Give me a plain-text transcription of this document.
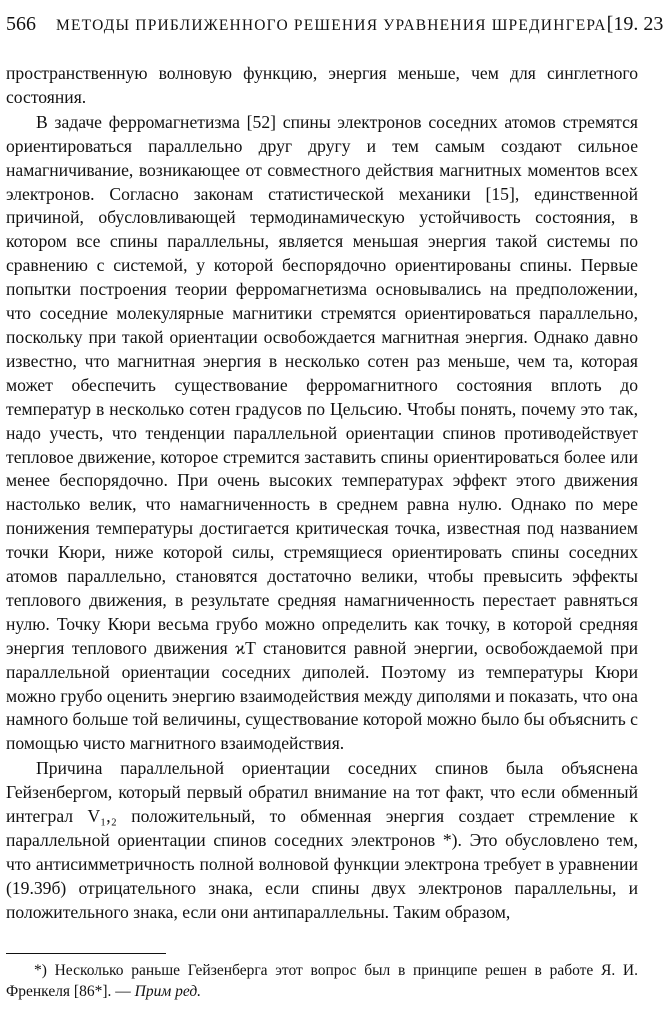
566 МЕТОДЫ ПРИБЛИЖЕННОГО РЕШЕНИЯ УРАВНЕНИЯ ШРЕДИНГЕРА [19. 23

пространственную волновую функцию, энергия меньше, чем для синглетного состояния.

В задаче ферромагнетизма [52] спины электронов соседних атомов стремятся ориентироваться параллельно друг другу и тем самым создают сильное намагничивание, возникающее от совместного действия магнитных моментов всех электронов. Согласно законам статистической механики [15], единственной причиной, обусловливающей термодинамическую устойчивость состояния, в котором все спины параллельны, является меньшая энергия такой системы по сравнению с системой, у которой беспорядочно ориентированы спины. Первые попытки построения теории ферромагнетизма основывались на предположении, что соседние молекулярные магнитики стремятся ориентироваться параллельно, поскольку при такой ориентации освобождается магнитная энергия. Однако давно известно, что магнитная энергия в несколько сотен раз меньше, чем та, которая может обеспечить существование ферромагнитного состояния вплоть до температур в несколько сотен градусов по Цельсию. Чтобы понять, почему это так, надо учесть, что тенденции параллельной ориентации спинов противодействует тепловое движение, которое стремится заставить спины ориентироваться более или менее беспорядочно. При очень высоких температурах эффект этого движения настолько велик, что намагниченность в среднем равна нулю. Однако по мере понижения температуры достигается критическая точка, известная под названием точки Кюри, ниже которой силы, стремящиеся ориентировать спины соседних атомов параллельно, становятся достаточно велики, чтобы превысить эффекты теплового движения, в результате средняя намагниченность перестает равняться нулю. Точку Кюри весьма грубо можно определить как точку, в которой средняя энергия теплового движения ϰT становится равной энергии, освобождаемой при параллельной ориентации соседних диполей. Поэтому из температуры Кюри можно грубо оценить энергию взаимодействия между диполями и показать, что она намного больше той величины, существование которой можно было бы объяснить с помощью чисто магнитного взаимодействия.

Причина параллельной ориентации соседних спинов была объяснена Гейзенбергом, который первый обратил внимание на тот факт, что если обменный интеграл V₁,₂ положительный, то обменная энергия создает стремление к параллельной ориентации спинов соседних электронов *). Это обусловлено тем, что антисимметричность полной волновой функции электрона требует в уравнении (19.39б) отрицательного знака, если спины двух электронов параллельны, и положительного знака, если они антипараллельны. Таким образом,

*) Несколько раньше Гейзенберга этот вопрос был в принципе решен в работе Я. И. Френкеля [86*]. — Прим ред.
